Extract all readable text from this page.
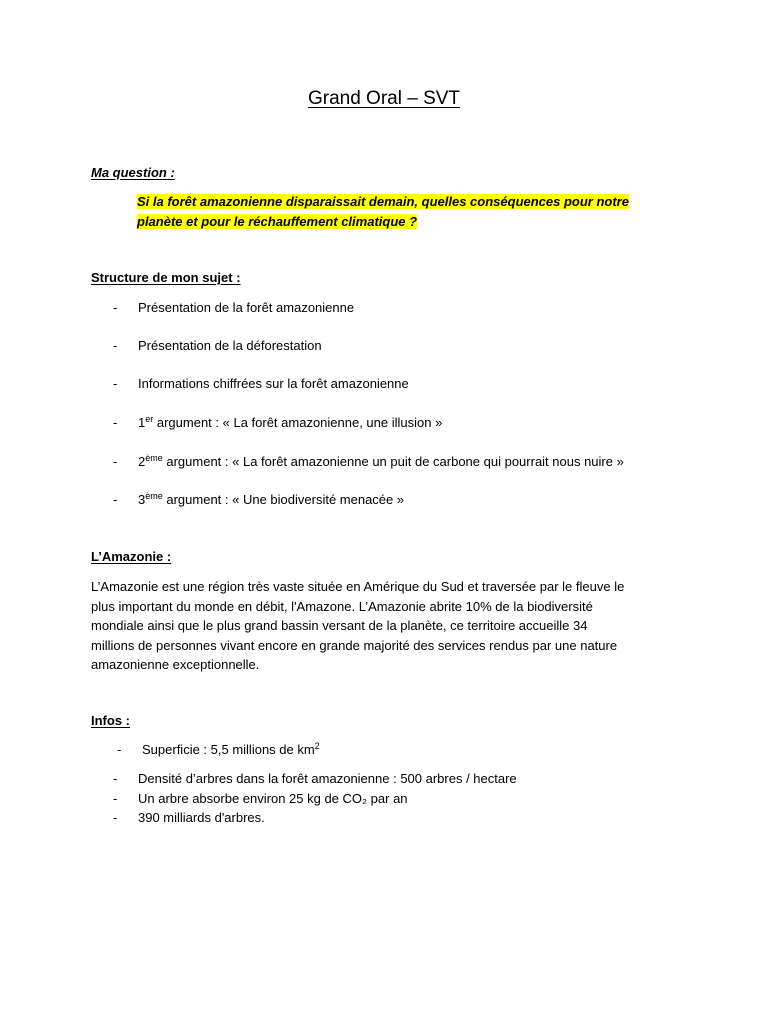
Grand Oral – SVT
Ma question :
Si la forêt amazonienne disparaissait demain, quelles conséquences pour notre
planète et pour le réchauffement climatique ?
Structure de mon sujet :
- Présentation de la forêt amazonienne
- Présentation de la déforestation
- Informations chiffrées sur la forêt amazonienne
- 1er argument : « La forêt amazonienne, une illusion »
- 2ème argument : « La forêt amazonienne un puit de carbone qui pourrait nous nuire »
- 3ème argument : « Une biodiversité menacée »
L’Amazonie :
L’Amazonie est une région très vaste située en Amérique du Sud et traversée par le fleuve le
plus important du monde en débit, l'Amazone. L’Amazonie abrite 10% de la biodiversité
mondiale ainsi que le plus grand bassin versant de la planète, ce territoire accueille 34
millions de personnes vivant encore en grande majorité des services rendus par une nature
amazonienne exceptionnelle.
Infos :
- Superficie : 5,5 millions de $km^2$
- Densité d’arbres dans la forêt amazonienne : 500 arbres / hectare
- Un arbre absorbe environ 25 kg de CO₂ par an
- 390 milliards d'arbres.
